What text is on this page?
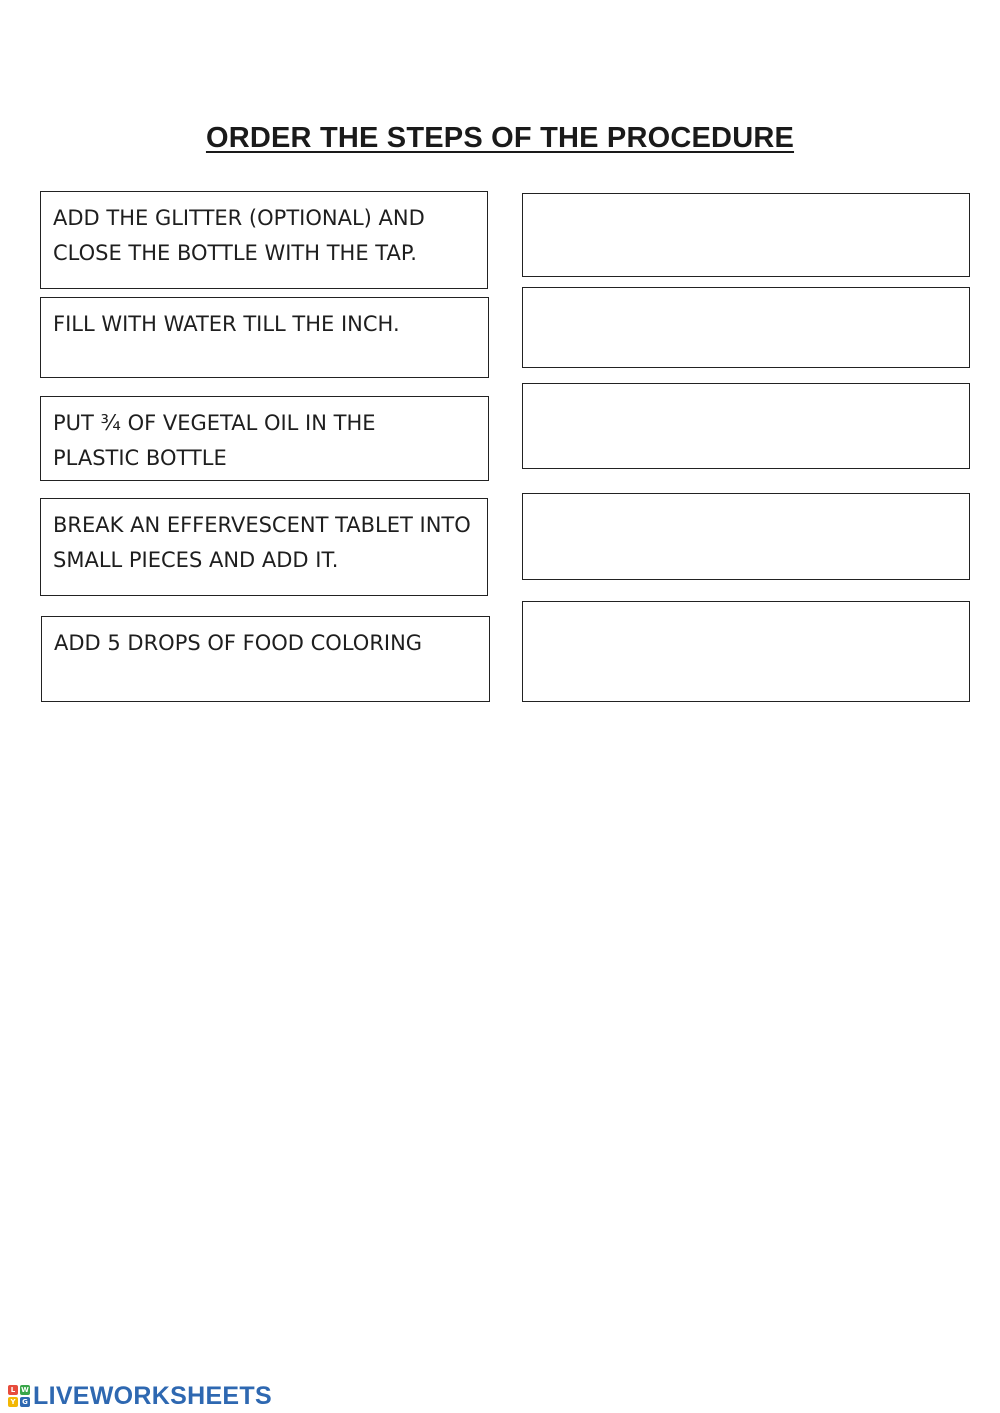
ORDER THE STEPS OF THE PROCEDURE
ADD THE GLITTER (OPTIONAL) AND CLOSE THE BOTTLE WITH THE TAP.
FILL WITH WATER TILL THE INCH.
PUT ¾ OF VEGETAL OIL IN THE PLASTIC BOTTLE
BREAK AN EFFERVESCENT TABLET INTO SMALL PIECES AND ADD IT.
ADD 5 DROPS OF FOOD COLORING
L W
Y G LIVEWORKSHEETS
